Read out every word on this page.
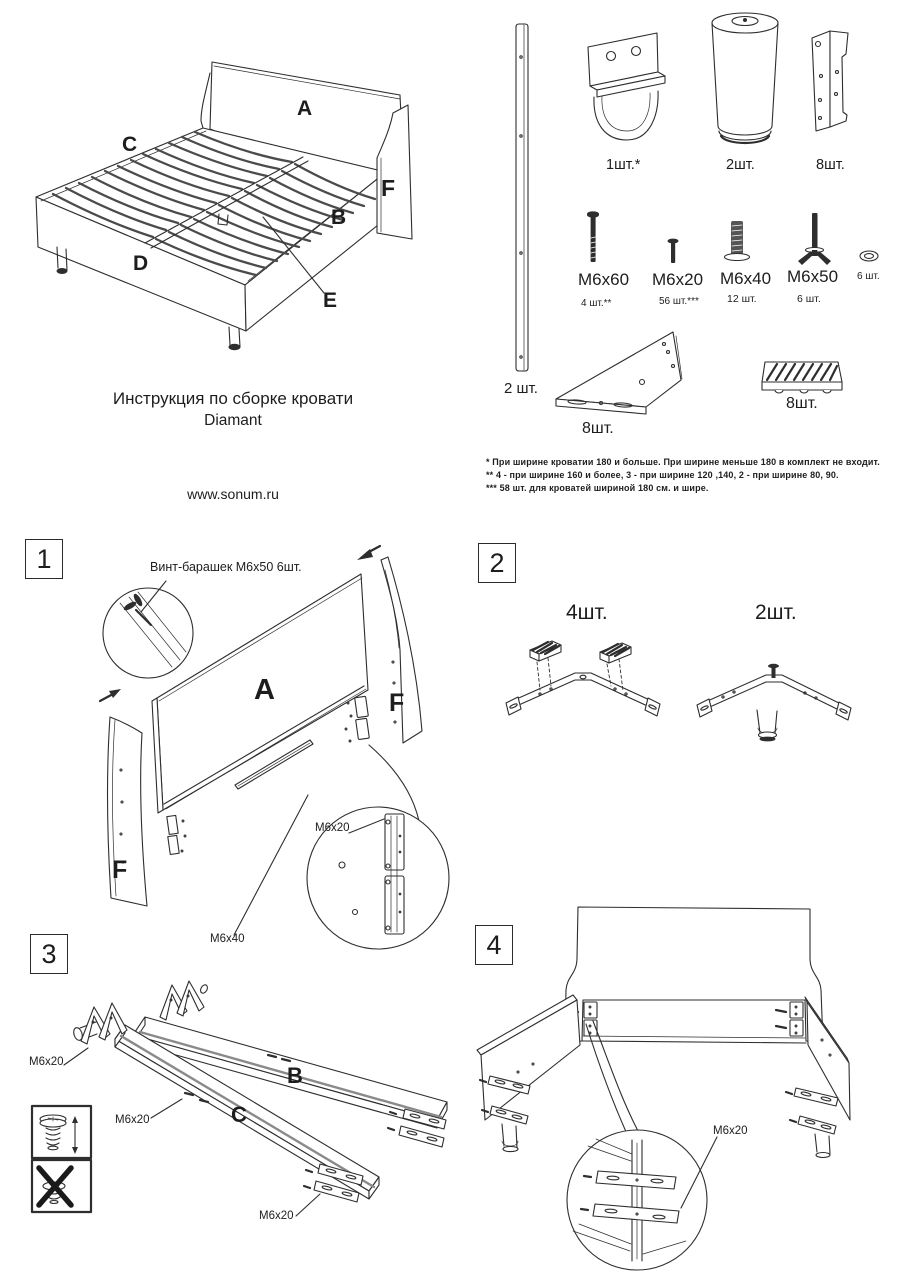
A
C
F
B
D
E
Инструкция по сборке кровати
Diamant
www.sonum.ru
2 шт.
1шт.*	2шт.	8шт.
М6х60 М6х20 М6х40 М6х50 6 шт.
4 шт.**	56 шт.***	12 шт.	6 шт.
8шт.
8шт.
* При ширине кроватии 180 и больше. При ширине меньше 180 в комплект не входит.
** 4 - при ширине 160 и более, 3 - при ширине 120 ,140, 2 - при ширине 80, 90.
*** 58 шт. для кроватей шириной 180 см. и шире.
1	Винт-барашек М6х50 6шт.
A	F
F
M6x20
M6x40
2
4шт.	2шт.
3
B
C
M6x20
M6x20
M6x20
4
M6x20
